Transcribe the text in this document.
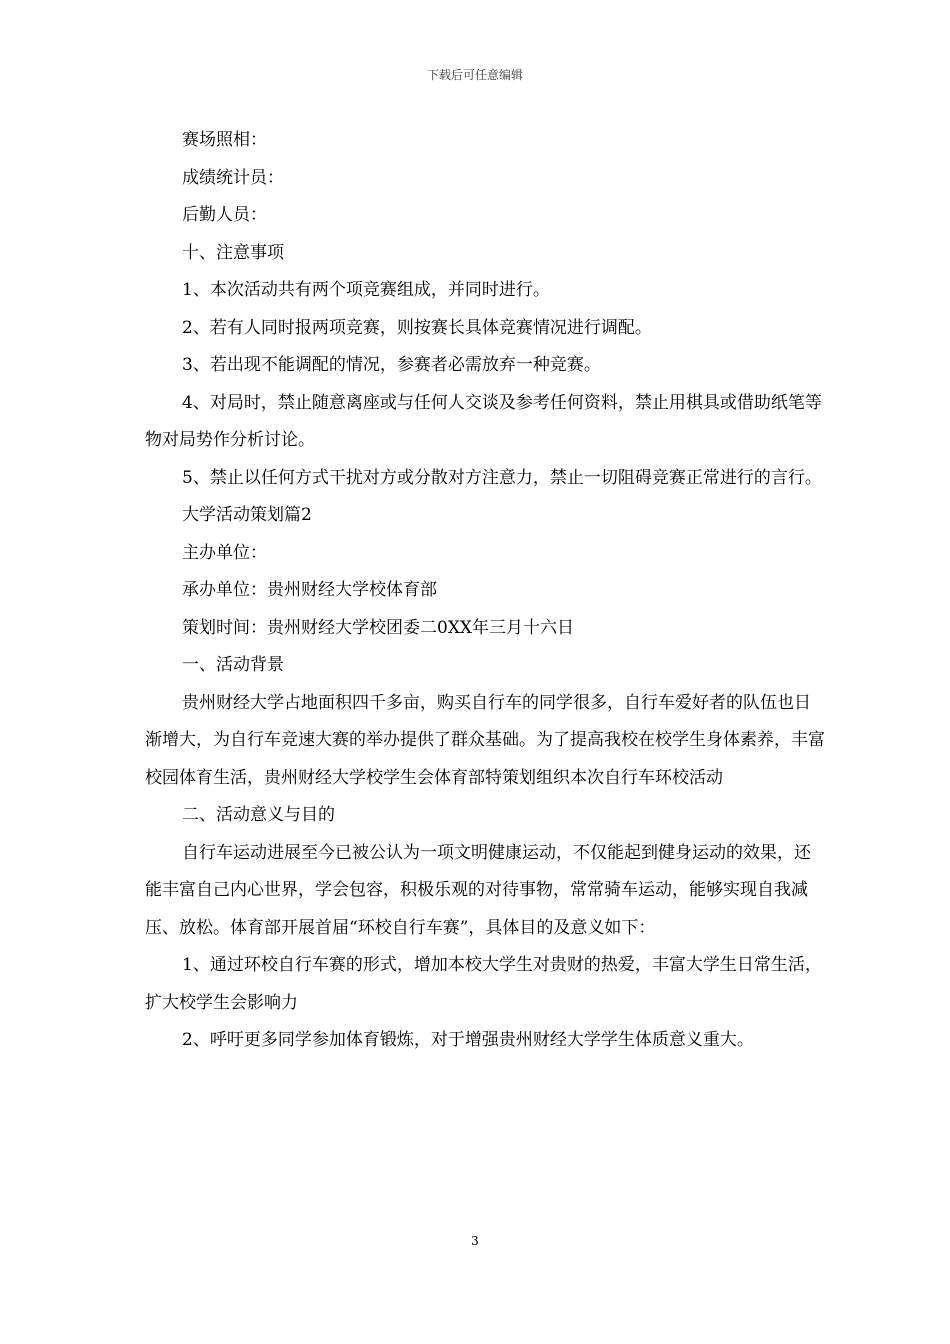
下载后可任意编辑

赛场照相：

成绩统计员：

后勤人员：

十、注意事项

1、本次活动共有两个项竞赛组成，并同时进行。

2、若有人同时报两项竞赛，则按赛长具体竞赛情况进行调配。

3、若出现不能调配的情况，参赛者必需放弃一种竞赛。

4、对局时，禁止随意离座或与任何人交谈及参考任何资料，禁止用棋具或借助纸笔等物对局势作分析讨论。

5、禁止以任何方式干扰对方或分散对方注意力，禁止一切阻碍竞赛正常进行的言行。

大学活动策划篇2

主办单位：

承办单位：贵州财经大学校体育部

策划时间：贵州财经大学校团委二0XX年三月十六日

一、活动背景

贵州财经大学占地面积四千多亩，购买自行车的同学很多，自行车爱好者的队伍也日渐增大，为自行车竞速大赛的举办提供了群众基础。为了提高我校在校学生身体素养，丰富校园体育生活，贵州财经大学校学生会体育部特策划组织本次自行车环校活动

二、活动意义与目的

自行车运动进展至今已被公认为一项文明健康运动，不仅能起到健身运动的效果，还能丰富自己内心世界，学会包容，积极乐观的对待事物，常常骑车运动，能够实现自我减压、放松。体育部开展首届“环校自行车赛”，具体目的及意义如下：

1、通过环校自行车赛的形式，增加本校大学生对贵财的热爱，丰富大学生日常生活，扩大校学生会影响力

2、呼吁更多同学参加体育锻炼，对于增强贵州财经大学学生体质意义重大。

3
